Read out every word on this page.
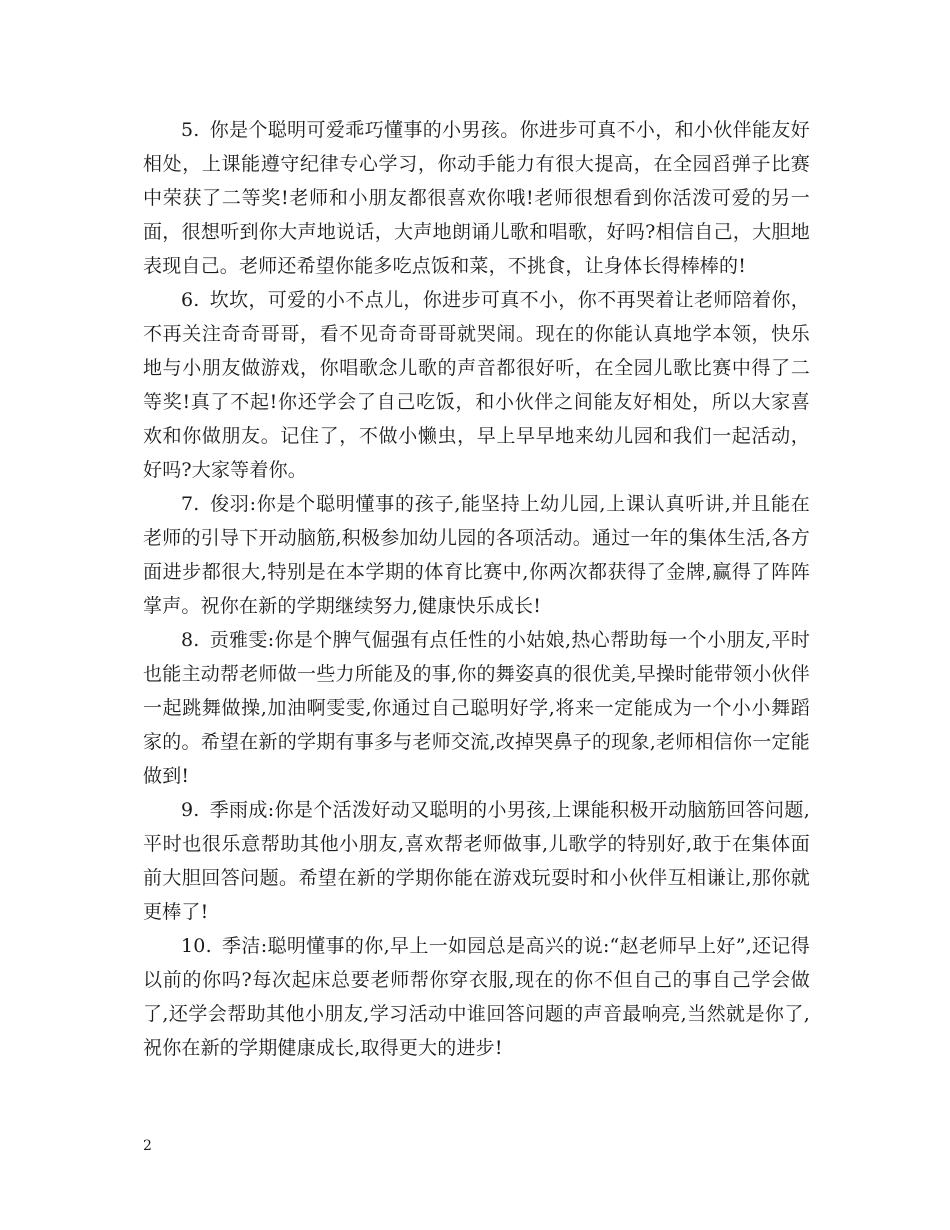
5. 你是个聪明可爱乖巧懂事的小男孩。你进步可真不小，和小伙伴能友好相处，上课能遵守纪律专心学习，你动手能力有很大提高，在全园舀弹子比赛中荣获了二等奖!老师和小朋友都很喜欢你哦!老师很想看到你活泼可爱的另一面，很想听到你大声地说话，大声地朗诵儿歌和唱歌，好吗?相信自己，大胆地表现自己。老师还希望你能多吃点饭和菜，不挑食，让身体长得棒棒的!

6. 坎坎，可爱的小不点儿，你进步可真不小，你不再哭着让老师陪着你，不再关注奇奇哥哥，看不见奇奇哥哥就哭闹。现在的你能认真地学本领，快乐地与小朋友做游戏，你唱歌念儿歌的声音都很好听，在全园儿歌比赛中得了二等奖!真了不起!你还学会了自己吃饭，和小伙伴之间能友好相处，所以大家喜欢和你做朋友。记住了，不做小懒虫，早上早早地来幼儿园和我们一起活动，好吗?大家等着你。

7. 俊羽:你是个聪明懂事的孩子,能坚持上幼儿园,上课认真听讲,并且能在老师的引导下开动脑筋,积极参加幼儿园的各项活动。通过一年的集体生活,各方面进步都很大,特别是在本学期的体育比赛中,你两次都获得了金牌,赢得了阵阵掌声。祝你在新的学期继续努力,健康快乐成长!

8. 贡雅雯:你是个脾气倔强有点任性的小姑娘,热心帮助每一个小朋友,平时也能主动帮老师做一些力所能及的事,你的舞姿真的很优美,早操时能带领小伙伴一起跳舞做操,加油啊雯雯,你通过自己聪明好学,将来一定能成为一个小小舞蹈家的。希望在新的学期有事多与老师交流,改掉哭鼻子的现象,老师相信你一定能做到!

9. 季雨成:你是个活泼好动又聪明的小男孩,上课能积极开动脑筋回答问题,平时也很乐意帮助其他小朋友,喜欢帮老师做事,儿歌学的特别好,敢于在集体面前大胆回答问题。希望在新的学期你能在游戏玩耍时和小伙伴互相谦让,那你就更棒了!

10. 季洁:聪明懂事的你,早上一如园总是高兴的说:“赵老师早上好”,还记得以前的你吗?每次起床总要老师帮你穿衣服,现在的你不但自己的事自己学会做了,还学会帮助其他小朋友,学习活动中谁回答问题的声音最响亮,当然就是你了,祝你在新的学期健康成长,取得更大的进步!

2
